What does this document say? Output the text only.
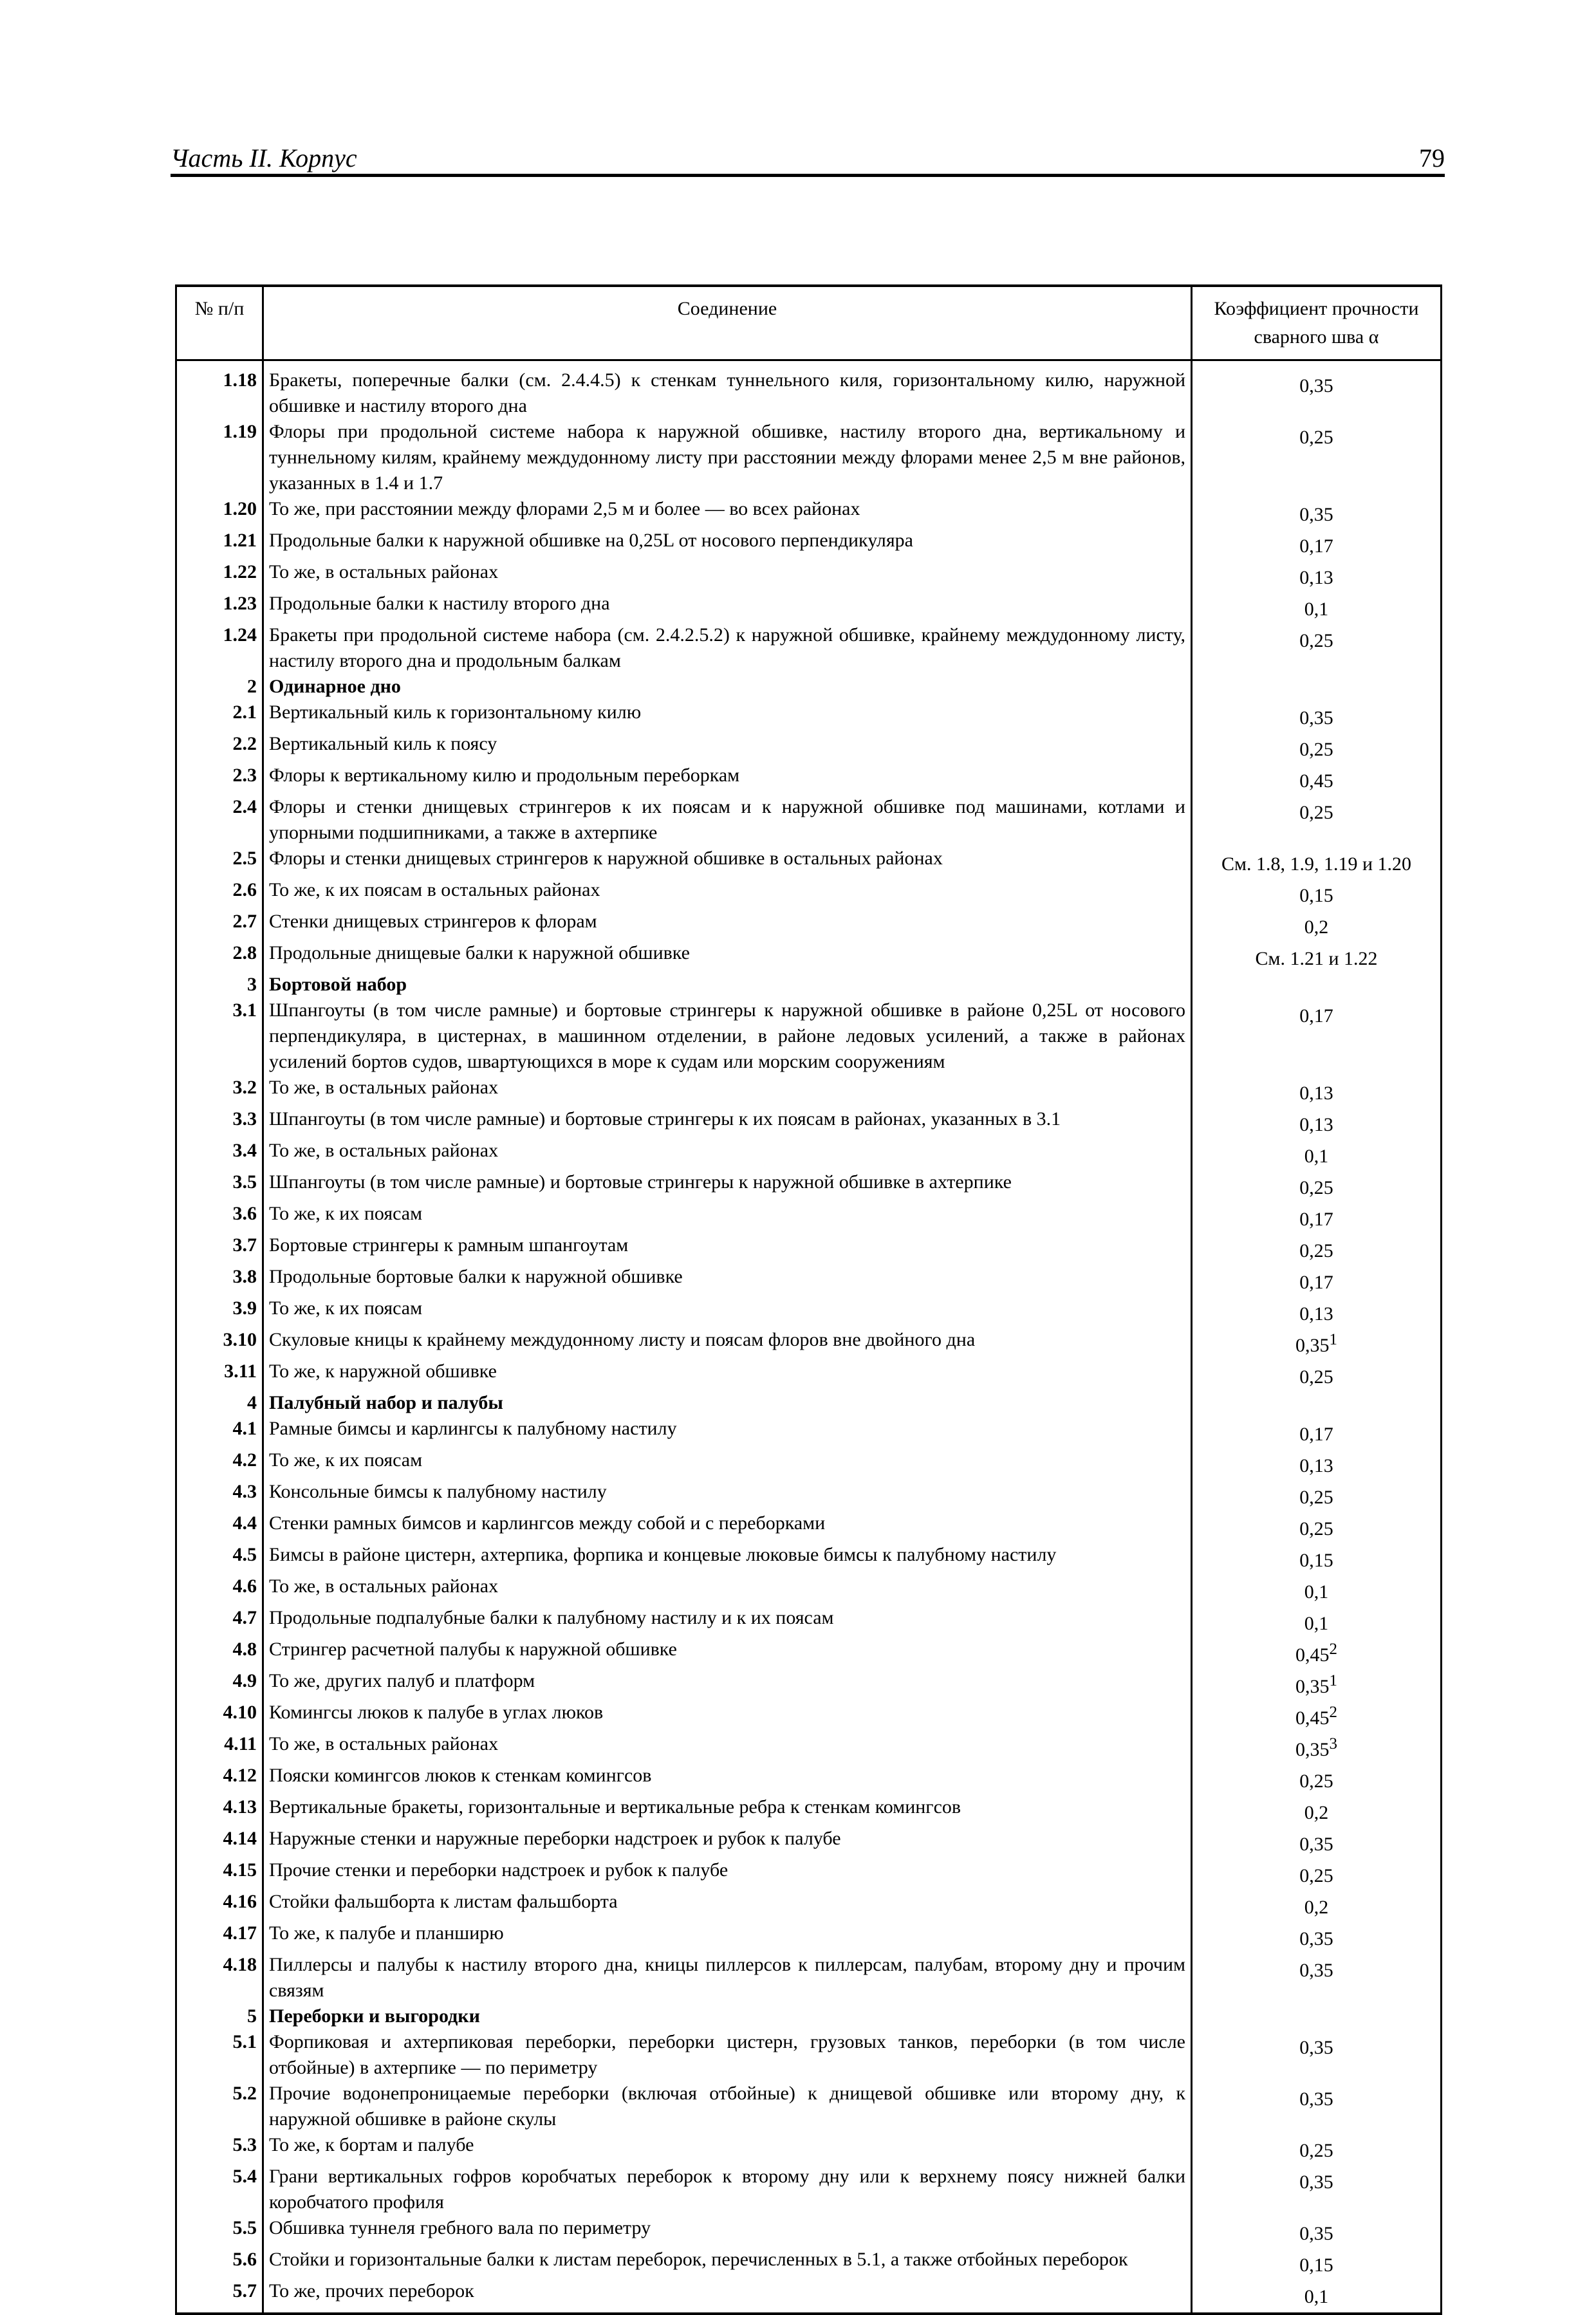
Часть II. Корпус	79
№ п/п	Соединение	Коэффициент прочности сварного шва α
1.18	Бракеты, поперечные балки (см. 2.4.4.5) к стенкам туннельного киля, горизонтальному килю, наружной обшивке и настилу второго дна	0,35
1.19	Флоры при продольной системе набора к наружной обшивке, настилу второго дна, вертикальному и туннельному килям, крайнему междудонному листу при расстоянии между флорами менее 2,5 м вне районов, указанных в 1.4 и 1.7	0,25
1.20	То же, при расстоянии между флорами 2,5 м и более — во всех районах	0,35
1.21	Продольные балки к наружной обшивке на 0,25L от носового перпендикуляра	0,17
1.22	То же, в остальных районах	0,13
1.23	Продольные балки к настилу второго дна	0,1
1.24	Бракеты при продольной системе набора (см. 2.4.2.5.2) к наружной обшивке, крайнему междудонному листу, настилу второго дна и продольным балкам	0,25
2	Одинарное дно	
2.1	Вертикальный киль к горизонтальному килю	0,35
2.2	Вертикальный киль к поясу	0,25
2.3	Флоры к вертикальному килю и продольным переборкам	0,45
2.4	Флоры и стенки днищевых стрингеров к их поясам и к наружной обшивке под машинами, котлами и упорными подшипниками, а также в ахтерпике	0,25
2.5	Флоры и стенки днищевых стрингеров к наружной обшивке в остальных районах	См. 1.8, 1.9, 1.19 и 1.20
2.6	То же, к их поясам в остальных районах	0,15
2.7	Стенки днищевых стрингеров к флорам	0,2
2.8	Продольные днищевые балки к наружной обшивке	См. 1.21 и 1.22
3	Бортовой набор	
3.1	Шпангоуты (в том числе рамные) и бортовые стрингеры к наружной обшивке в районе 0,25L от носового перпендикуляра, в цистернах, в машинном отделении, в районе ледовых усилений, а также в районах усилений бортов судов, швартующихся в море к судам или морским сооружениям	0,17
3.2	То же, в остальных районах	0,13
3.3	Шпангоуты (в том числе рамные) и бортовые стрингеры к их поясам в районах, указанных в 3.1	0,13
3.4	То же, в остальных районах	0,1
3.5	Шпангоуты (в том числе рамные) и бортовые стрингеры к наружной обшивке в ахтерпике	0,25
3.6	То же, к их поясам	0,17
3.7	Бортовые стрингеры к рамным шпангоутам	0,25
3.8	Продольные бортовые балки к наружной обшивке	0,17
3.9	То же, к их поясам	0,13
3.10	Скуловые кницы к крайнему междудонному листу и поясам флоров вне двойного дна	0,35$^1$
3.11	То же, к наружной обшивке	0,25
4	Палубный набор и палубы	
4.1	Рамные бимсы и карлингсы к палубному настилу	0,17
4.2	То же, к их поясам	0,13
4.3	Консольные бимсы к палубному настилу	0,25
4.4	Стенки рамных бимсов и карлингсов между собой и с переборками	0,25
4.5	Бимсы в районе цистерн, ахтерпика, форпика и концевые люковые бимсы к палубному настилу	0,15
4.6	То же, в остальных районах	0,1
4.7	Продольные подпалубные балки к палубному настилу и к их поясам	0,1
4.8	Стрингер расчетной палубы к наружной обшивке	0,45$^2$
4.9	То же, других палуб и платформ	0,35$^1$
4.10	Комингсы люков к палубе в углах люков	0,45$^2$
4.11	То же, в остальных районах	0,35$^3$
4.12	Пояски комингсов люков к стенкам комингсов	0,25
4.13	Вертикальные бракеты, горизонтальные и вертикальные ребра к стенкам комингсов	0,2
4.14	Наружные стенки и наружные переборки надстроек и рубок к палубе	0,35
4.15	Прочие стенки и переборки надстроек и рубок к палубе	0,25
4.16	Стойки фальшборта к листам фальшборта	0,2
4.17	То же, к палубе и планширю	0,35
4.18	Пиллерсы и палубы к настилу второго дна, кницы пиллерсов к пиллерсам, палубам, второму дну и прочим связям	0,35
5	Переборки и выгородки	
5.1	Форпиковая и ахтерпиковая переборки, переборки цистерн, грузовых танков, переборки (в том числе отбойные) в ахтерпике — по периметру	0,35
5.2	Прочие водонепроницаемые переборки (включая отбойные) к днищевой обшивке или второму дну, к наружной обшивке в районе скулы	0,35
5.3	То же, к бортам и палубе	0,25
5.4	Грани вертикальных гофров коробчатых переборок к второму дну или к верхнему поясу нижней балки коробчатого профиля	0,35
5.5	Обшивка туннеля гребного вала по периметру	0,35
5.6	Стойки и горизонтальные балки к листам переборок, перечисленных в 5.1, а также отбойных переборок	0,15
5.7	То же, прочих переборок	0,1
